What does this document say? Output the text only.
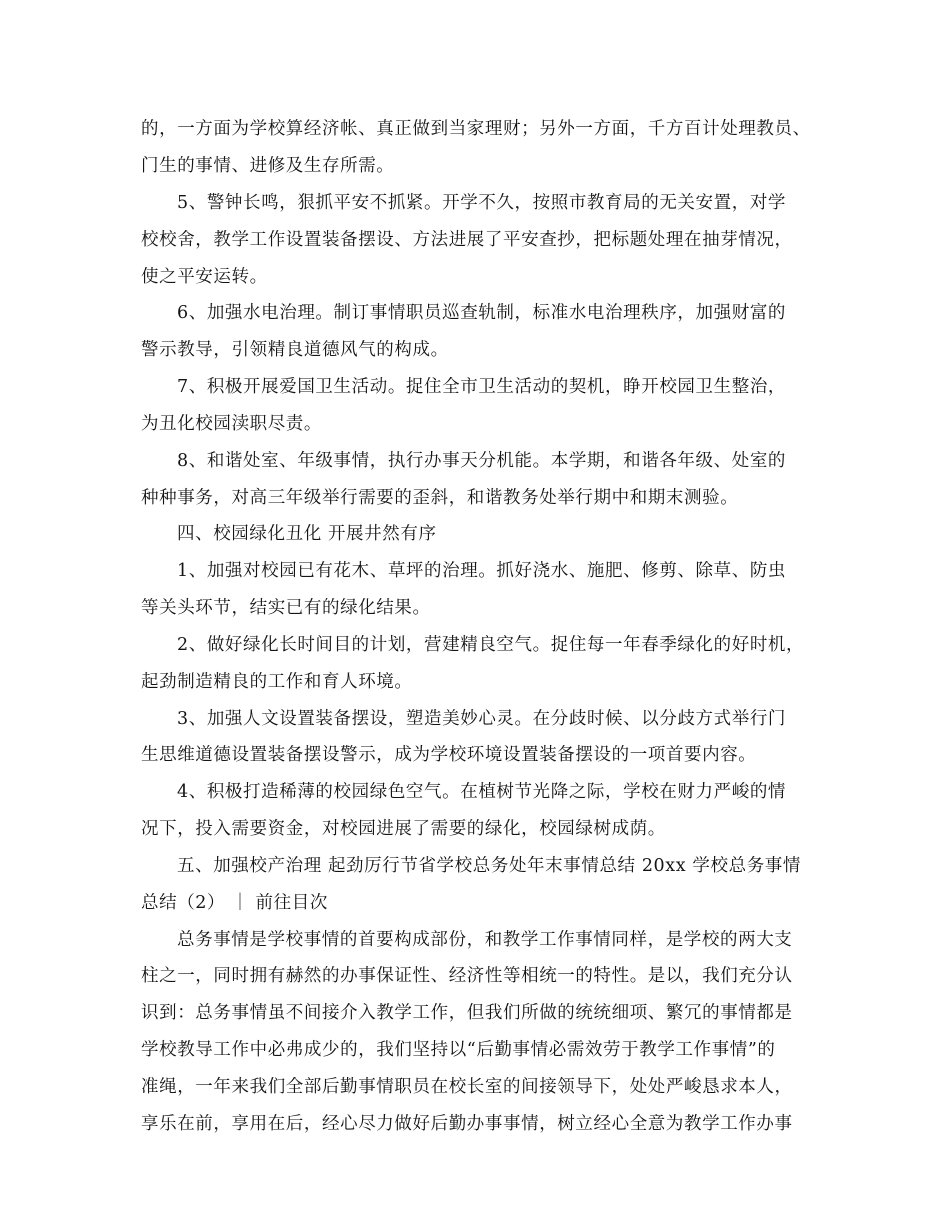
的，一方面为学校算经济帐、真正做到当家理财；另外一方面，千方百计处理教员、
门生的事情、进修及生存所需。
5、警钟长鸣，狠抓平安不抓紧。开学不久，按照市教育局的无关安置，对学
校校舍，教学工作设置装备摆设、方法进展了平安查抄，把标题处理在抽芽情况，
使之平安运转。
6、加强水电治理。制订事情职员巡查轨制，标准水电治理秩序，加强财富的
警示教导，引领精良道德风气的构成。
7、积极开展爱国卫生活动。捉住全市卫生活动的契机，睁开校园卫生整治，
为丑化校园渎职尽责。
8、和谐处室、年级事情，执行办事天分机能。本学期，和谐各年级、处室的
种种事务，对高三年级举行需要的歪斜，和谐教务处举行期中和期末测验。
四、校园绿化丑化 开展井然有序
1、加强对校园已有花木、草坪的治理。抓好浇水、施肥、修剪、除草、防虫
等关头环节，结实已有的绿化结果。
2、做好绿化长时间目的计划，营建精良空气。捉住每一年春季绿化的好时机，
起劲制造精良的工作和育人环境。
3、加强人文设置装备摆设，塑造美妙心灵。在分歧时候、以分歧方式举行门
生思维道德设置装备摆设警示，成为学校环境设置装备摆设的一项首要内容。
4、积极打造稀薄的校园绿色空气。在植树节光降之际，学校在财力严峻的情
况下，投入需要资金，对校园进展了需要的绿化，校园绿树成荫。
五、加强校产治理 起劲厉行节省学校总务处年末事情总结 20xx 学校总务事情
总结（2） ｜ 前往目次
总务事情是学校事情的首要构成部份，和教学工作事情同样，是学校的两大支
柱之一，同时拥有赫然的办事保证性、经济性等相统一的特性。是以，我们充分认
识到：总务事情虽不间接介入教学工作，但我们所做的统统细项、繁冗的事情都是
学校教导工作中必弗成少的，我们坚持以“后勤事情必需效劳于教学工作事情”的
准绳，一年来我们全部后勤事情职员在校长室的间接领导下，处处严峻恳求本人，
享乐在前，享用在后，经心尽力做好后勤办事事情，树立经心全意为教学工作办事
